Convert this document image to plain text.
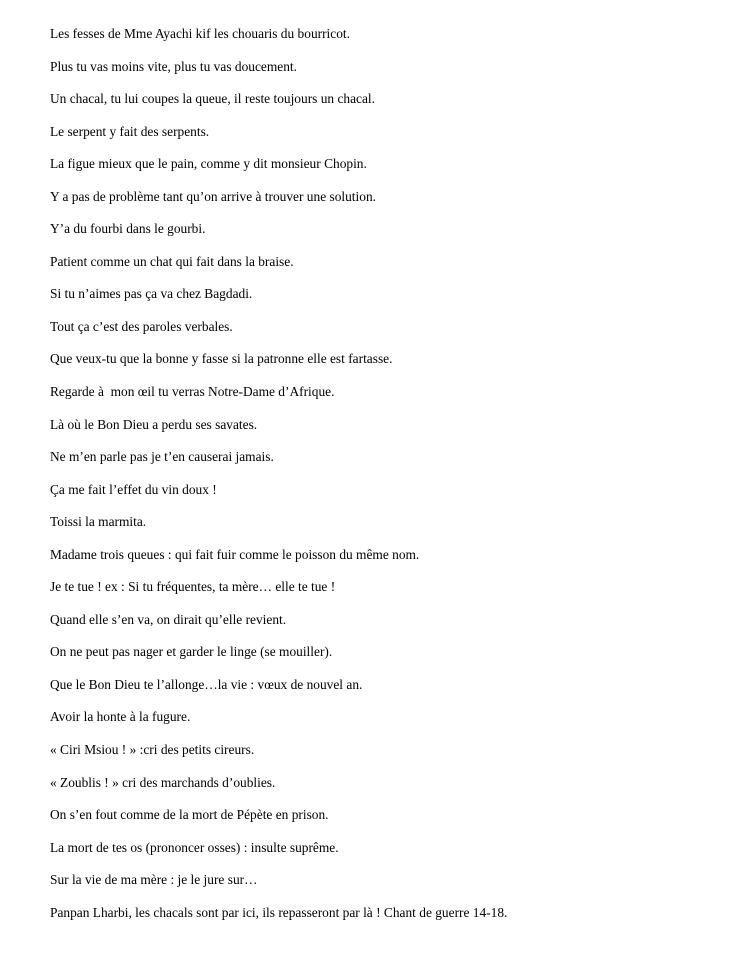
Les fesses de Mme Ayachi kif les chouaris du bourricot.
Plus tu vas moins vite, plus tu vas doucement.
Un chacal, tu lui coupes la queue, il reste toujours un chacal.
Le serpent y fait des serpents.
La figue mieux que le pain, comme y dit monsieur Chopin.
Y a pas de problème tant qu’on arrive à trouver une solution.
Y’a du fourbi dans le gourbi.
Patient comme un chat qui fait dans la braise.
Si tu n’aimes pas ça va chez Bagdadi.
Tout ça c’est des paroles verbales.
Que veux-tu que la bonne y fasse si la patronne elle est fartasse.
Regarde à  mon œil tu verras Notre-Dame d’Afrique.
Là où le Bon Dieu a perdu ses savates.
Ne m’en parle pas je t’en causerai jamais.
Ça me fait l’effet du vin doux !
Toissi la marmita.
Madame trois queues : qui fait fuir comme le poisson du même nom.
Je te tue ! ex : Si tu fréquentes, ta mère… elle te tue !
Quand elle s’en va, on dirait qu’elle revient.
On ne peut pas nager et garder le linge (se mouiller).
Que le Bon Dieu te l’allonge…la vie : vœux de nouvel an.
Avoir la honte à la fugure.
« Ciri Msiou ! » :cri des petits cireurs.
« Zoublis ! » cri des marchands d’oublies.
On s’en fout comme de la mort de Pépète en prison.
La mort de tes os (prononcer osses) : insulte suprême.
Sur la vie de ma mère : je le jure sur…
Panpan Lharbi, les chacals sont par ici, ils repasseront par là ! Chant de guerre 14-18.
